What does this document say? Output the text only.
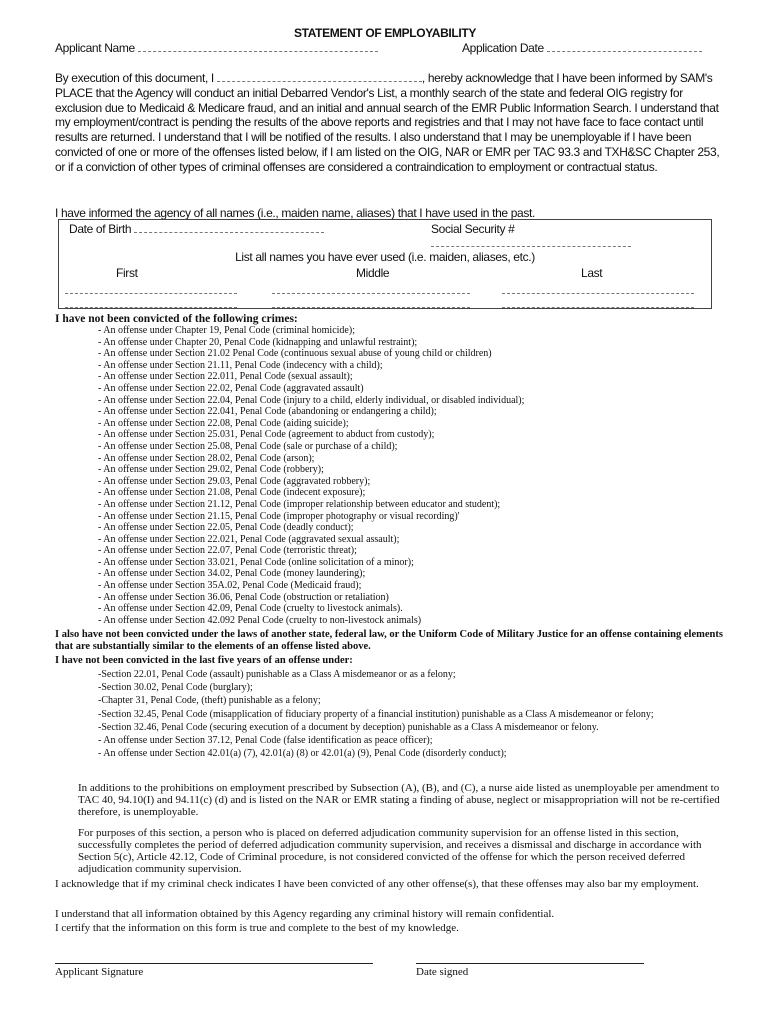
STATEMENT OF EMPLOYABILITY
Applicant Name	Application Date
By execution of this document, I	, hereby acknowledge that I have been informed by SAM's PLACE that the Agency will conduct an initial Debarred Vendor's List, a monthly search of the state and federal OIG registry for exclusion due to Medicaid & Medicare fraud, and an initial and annual search of the EMR Public Information Search. I understand that my employment/contract is pending the results of the above reports and registries and that I may not have face to face contact until results are returned. I understand that I will be notified of the results. I also understand that I may be unemployable if I have been convicted of one or more of the offenses listed below, if I am listed on the OIG, NAR or EMR per TAC 93.3 and TXH&SC Chapter 253, or if a conviction of other types of criminal offenses are considered a contraindication to employment or contractual status.
I have informed the agency of all names (i.e., maiden name, aliases) that I have used in the past.
Date of Birth	Social Security #
List all names you have ever used (i.e. maiden, aliases, etc.)
First	Middle	Last
I have not been convicted of the following crimes:
- An offense under Chapter 19, Penal Code (criminal homicide);
- An offense under Chapter 20, Penal Code (kidnapping and unlawful restraint);
- An offense under Section 21.02 Penal Code (continuous sexual abuse of young child or children)
- An offense under Section 21.11, Penal Code (indecency with a child);
- An offense under Section 22.011, Penal Code (sexual assault);
- An offense under Section 22.02, Penal Code (aggravated assault)
- An offense under Section 22.04, Penal Code (injury to a child, elderly individual, or disabled individual);
- An offense under Section 22.041, Penal Code (abandoning or endangering a child);
- An offense under Section 22.08, Penal Code (aiding suicide);
- An offense under Section 25.031, Penal Code (agreement to abduct from custody);
- An offense under Section 25.08, Penal Code (sale or purchase of a child);
- An offense under Section 28.02, Penal Code (arson);
- An offense under Section 29.02, Penal Code (robbery);
- An offense under Section 29.03, Penal Code (aggravated robbery);
- An offense under Section 21.08, Penal Code (indecent exposure);
- An offense under Section 21.12, Penal Code (improper relationship between educator and student);
- An offense under Section 21.15, Penal Code (improper photography or visual recording)'
- An offense under Section 22.05, Penal Code (deadly conduct);
- An offense under Section 22.021, Penal Code (aggravated sexual assault);
- An offense under Section 22.07, Penal Code (terroristic threat);
- An offense under Section 33.021, Penal Code (online solicitation of a minor);
- An offense under Section 34.02, Penal Code (money laundering);
- An offense under Section 35A.02, Penal Code (Medicaid fraud);
- An offense under Section 36.06, Penal Code (obstruction or retaliation)
- An offense under Section 42.09, Penal Code (cruelty to livestock animals).
- An offense under Section 42.092 Penal Code (cruelty to non-livestock animals)
I also have not been convicted under the laws of another state, federal law, or the Uniform Code of Military Justice for an offense containing elements that are substantially similar to the elements of an offense listed above.
I have not been convicted in the last five years of an offense under:
-Section 22.01, Penal Code (assault) punishable as a Class A misdemeanor or as a felony;
-Section 30.02, Penal Code (burglary);
-Chapter 31, Penal Code, (theft) punishable as a felony;
-Section 32.45, Penal Code (misapplication of fiduciary property of a financial institution) punishable as a Class A misdemeanor or felony;
-Section 32.46, Penal Code (securing execution of a document by deception) punishable as a Class A misdemeanor or felony.
- An offense under Section 37.12, Penal Code (false identification as peace officer);
- An offense under Section 42.01(a) (7), 42.01(a) (8) or 42.01(a) (9), Penal Code (disorderly conduct);
In additions to the prohibitions on employment prescribed by Subsection (A), (B), and (C), a nurse aide listed as unemployable per amendment to TAC 40, 94.10(I) and 94.11(c) (d) and is listed on the NAR or EMR stating a finding of abuse, neglect or misappropriation will not be re-certified therefore, is unemployable.
For purposes of this section, a person who is placed on deferred adjudication community supervision for an offense listed in this section, successfully completes the period of deferred adjudication community supervision, and receives a dismissal and discharge in accordance with Section 5(c), Article 42.12, Code of Criminal procedure, is not considered convicted of the offense for which the person received deferred adjudication community supervision.
I acknowledge that if my criminal check indicates I have been convicted of any other offense(s), that these offenses may also bar my employment.
I understand that all information obtained by this Agency regarding any criminal history will remain confidential.
I certify that the information on this form is true and complete to the best of my knowledge.
Applicant Signature	Date signed
